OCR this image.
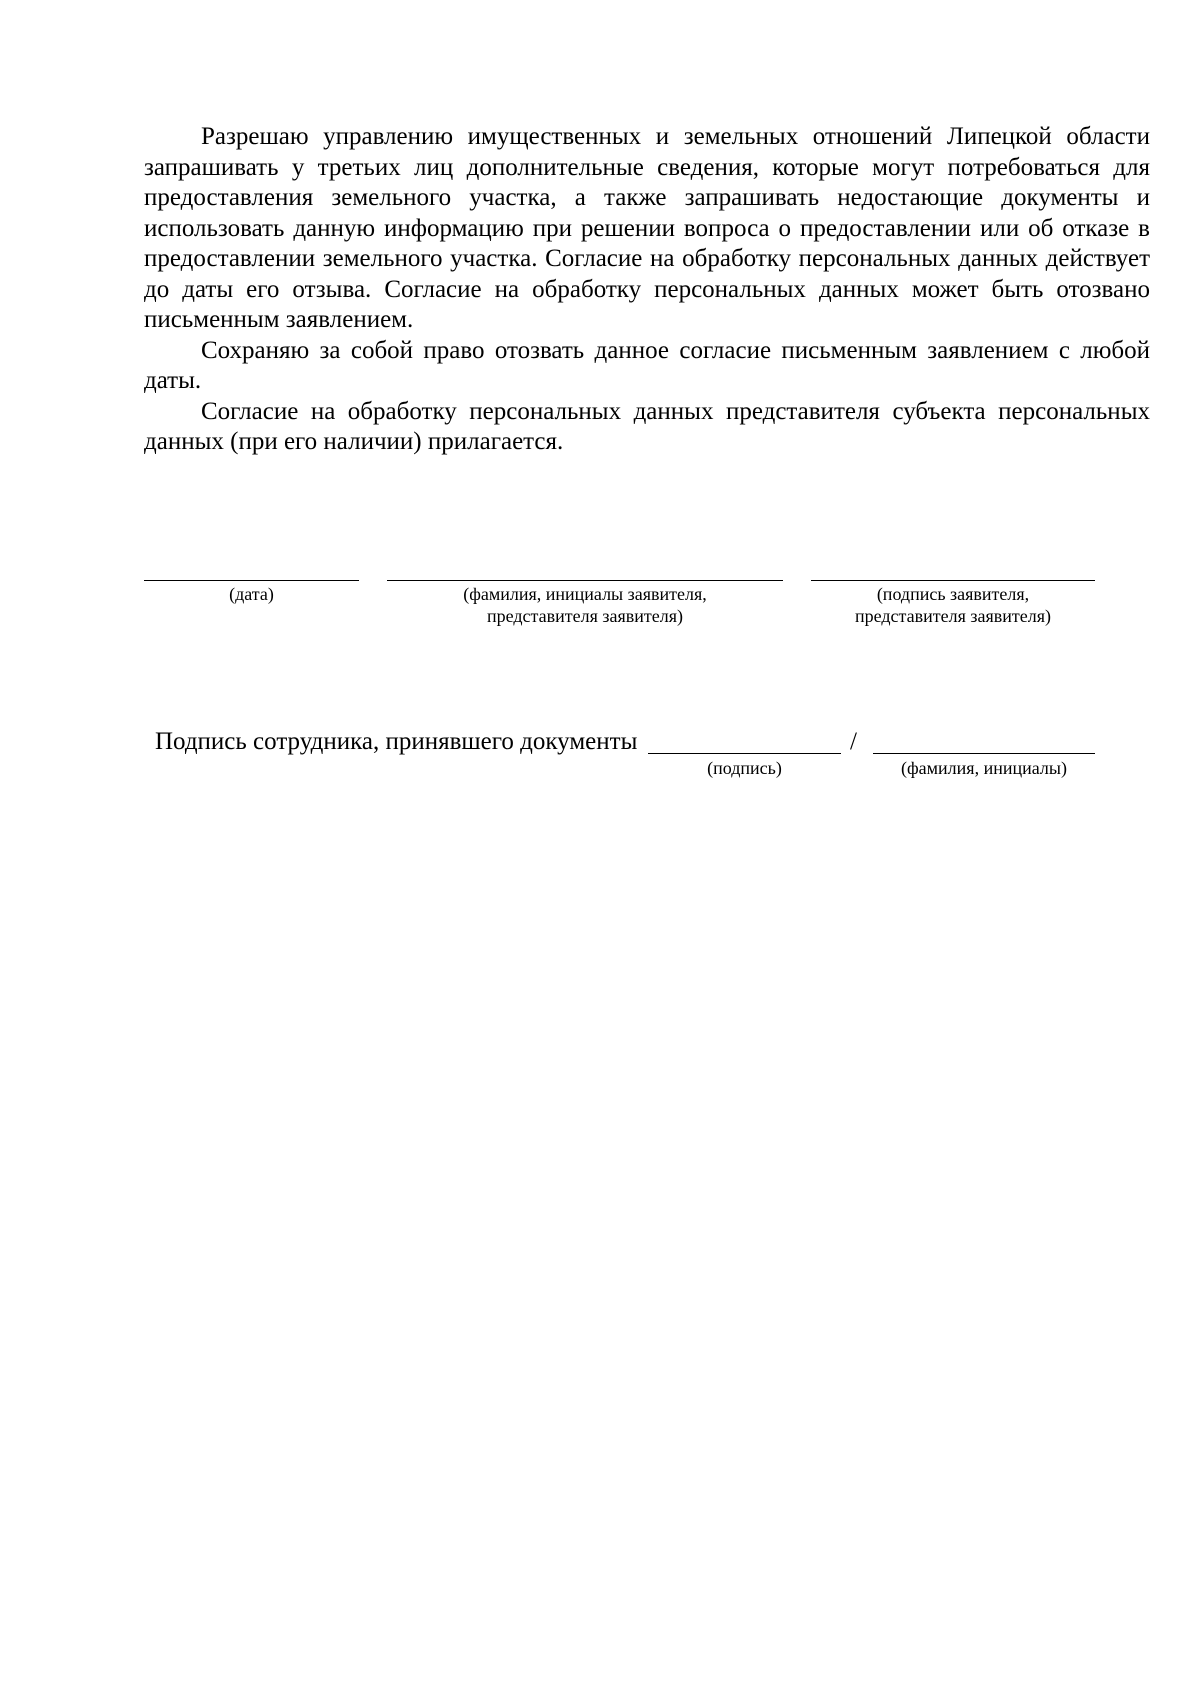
Разрешаю управлению имущественных и земельных отношений Липецкой области запрашивать у третьих лиц дополнительные сведения, которые могут потребоваться для предоставления земельного участка, а также запрашивать недостающие документы и использовать данную информацию при решении вопроса о предоставлении или об отказе в предоставлении земельного участка. Согласие на обработку персональных данных действует до даты его отзыва. Согласие на обработку персональных данных может быть отозвано письменным заявлением.

Сохраняю за собой право отозвать данное согласие письменным заявлением с любой даты.

Согласие на обработку персональных данных представителя субъекта персональных данных (при его наличии) прилагается.

(дата)	(фамилия, инициалы заявителя,
представителя заявителя)
(подпись заявителя,
представителя заявителя)
Подпись сотрудника, принявшего документы
(подпись)
/
(фамилия, инициалы)
